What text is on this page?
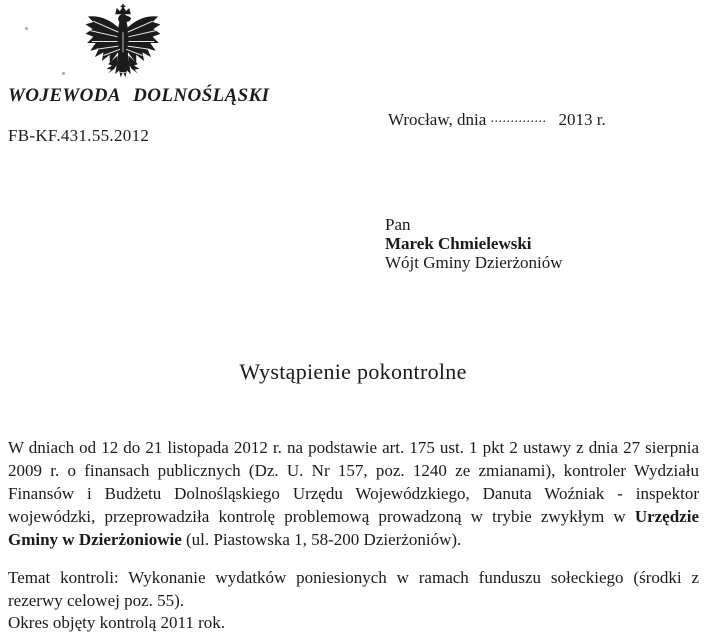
WOJEWODA DOLNOŚLĄSKI
FB-KF.431.55.2012
Wrocław, dnia .............. 2013 r.
Pan
Marek Chmielewski
Wójt Gminy Dzierżoniów
Wystąpienie pokontrolne

W dniach od 12 do 21 listopada 2012 r. na podstawie art. 175 ust. 1 pkt 2 ustawy z dnia 27 sierpnia 2009 r. o finansach publicznych (Dz. U. Nr 157, poz. 1240 ze zmianami), kontroler Wydziału Finansów i Budżetu Dolnośląskiego Urzędu Wojewódzkiego, Danuta Woźniak - inspektor wojewódzki, przeprowadziła kontrolę problemową prowadzoną w trybie zwykłym w Urzędzie Gminy w Dzierżoniowie (ul. Piastowska 1, 58-200 Dzierżoniów).

Temat kontroli: Wykonanie wydatków poniesionych w ramach funduszu sołeckiego (środki z rezerwy celowej poz. 55).

Okres objęty kontrolą 2011 rok.
